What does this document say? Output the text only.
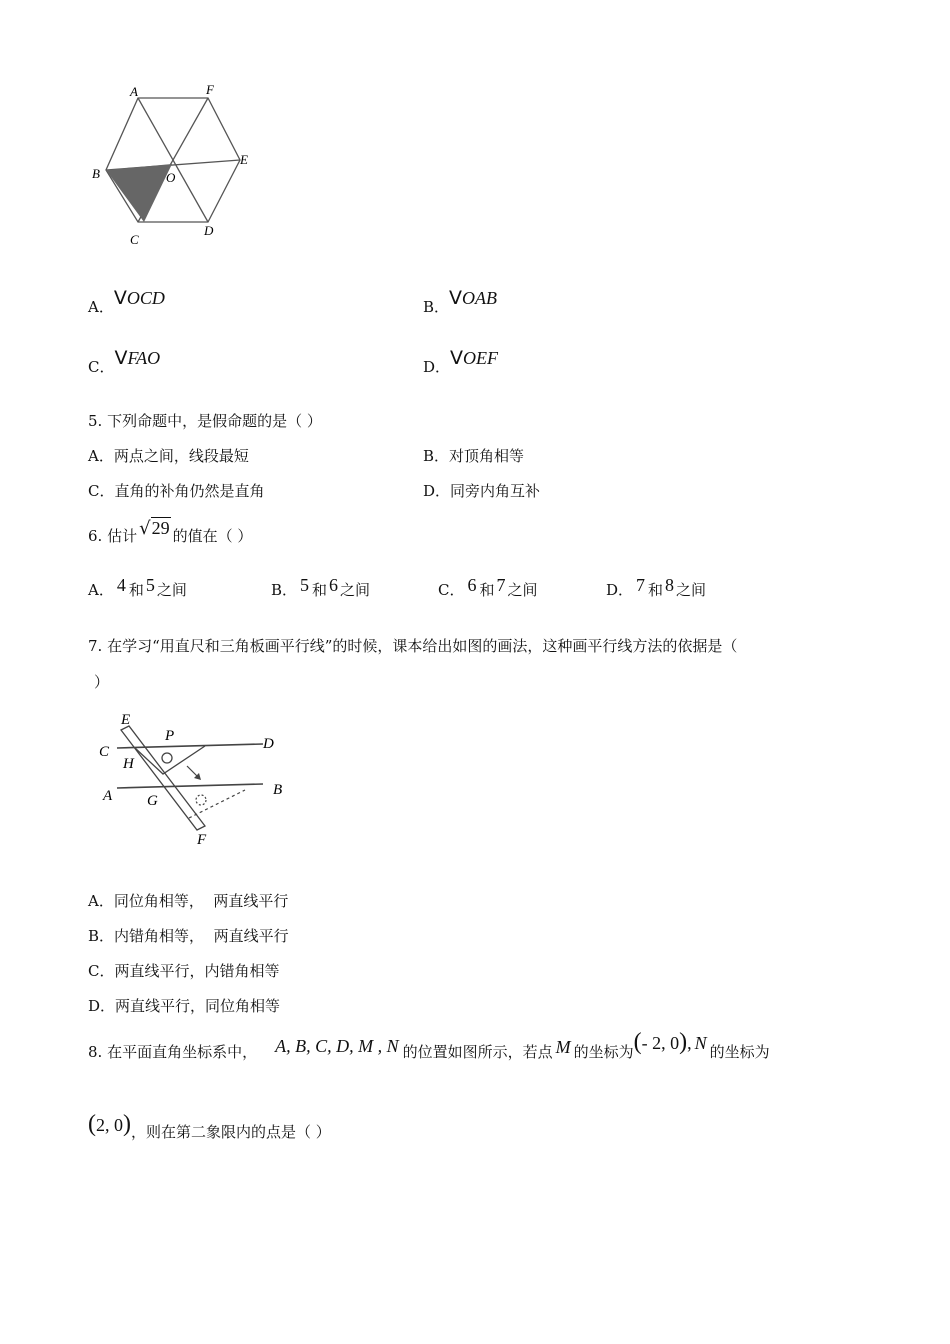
A	F
B	O
E
C
D
A．VOCD	B．VOAB
C．VFAO	D．VOEF
5. 下列命题中，是假命题的是（ ）
A．两点之间，线段最短	B．对顶角相等
C．直角的补角仍然是直角	D．同旁内角互补
6. 估计 √29 的值在（ ）
A． 4 和 5 之间	B． 5 和 6 之间	C． 6 和 7 之间	D． 7 和 8 之间
7. 在学习“用直尺和三角板画平行线”的时候，课本给出如图的画法，这种画平行线方法的依据是（
）
E
P	D
C
H
A G
B
F
A．同位角相等，  两直线平行
B．内错角相等，  两直线平行
C．两直线平行，内错角相等
D．两直线平行，同位角相等
8. 在平面直角坐标系中， A, B, C, D, M , N 的位置如图所示，若点 M 的坐标为(- 2, 0), N 的坐标为
(2, 0)，则在第二象限内的点是（ ）
